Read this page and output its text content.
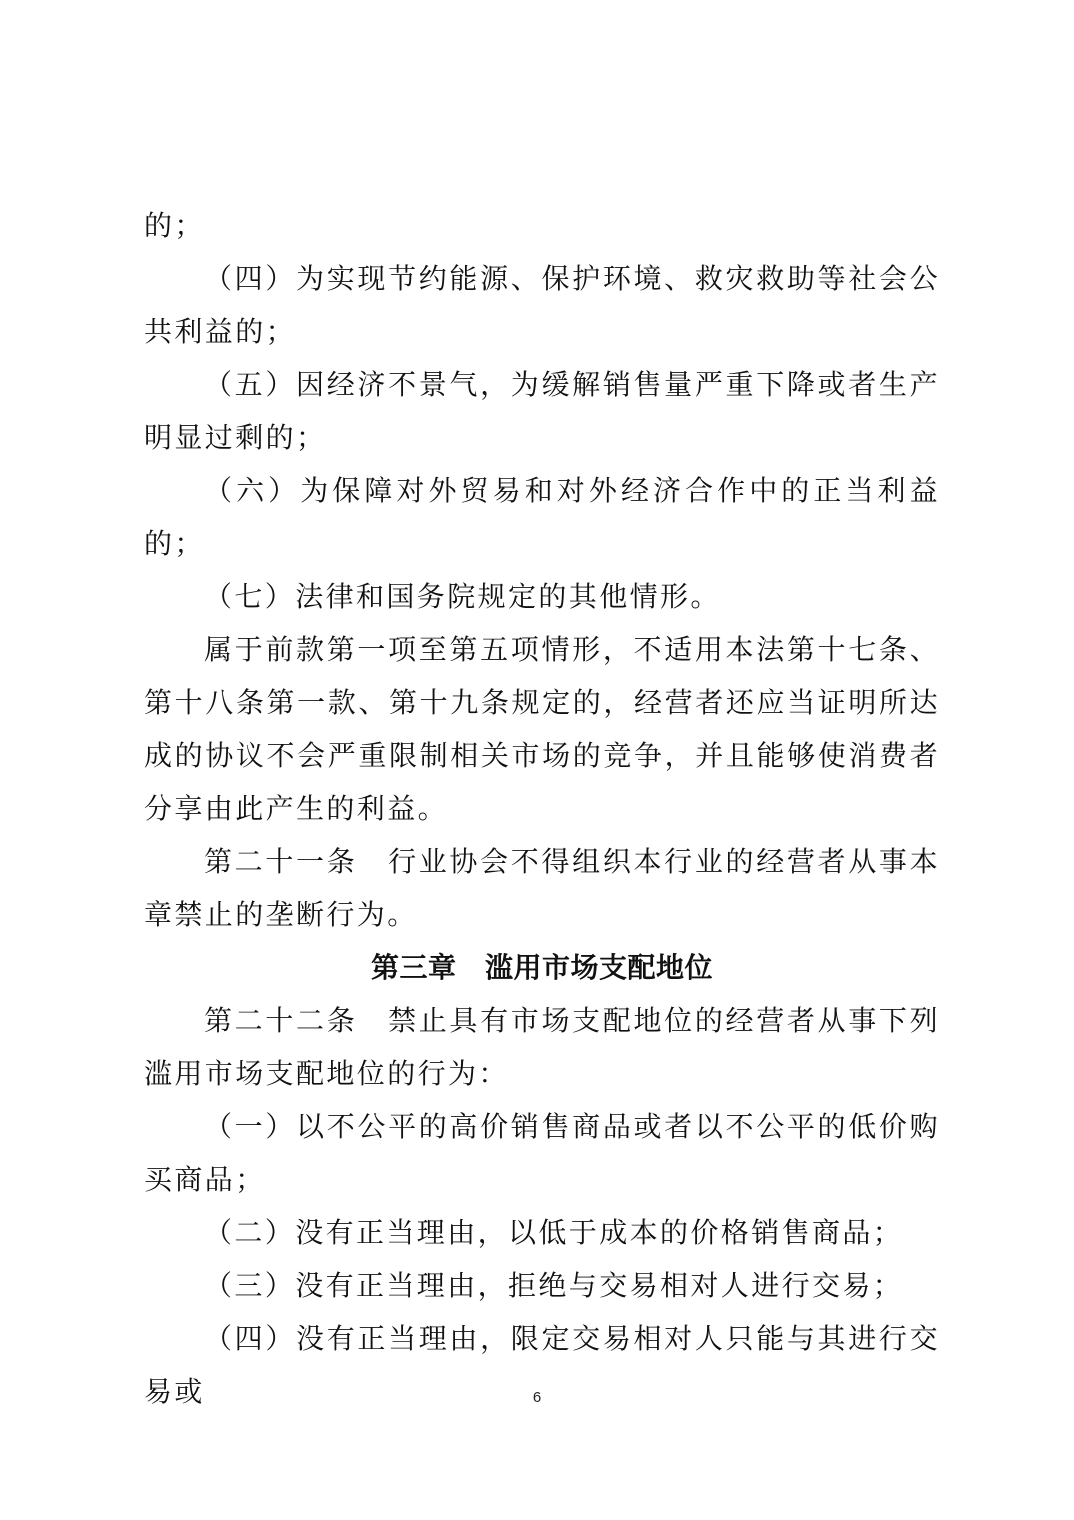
的；

（四）为实现节约能源、保护环境、救灾救助等社会公共利益的；

（五）因经济不景气，为缓解销售量严重下降或者生产明显过剩的；

（六）为保障对外贸易和对外经济合作中的正当利益的；

（七）法律和国务院规定的其他情形。

属于前款第一项至第五项情形，不适用本法第十七条、第十八条第一款、第十九条规定的，经营者还应当证明所达成的协议不会严重限制相关市场的竞争，并且能够使消费者分享由此产生的利益。

第二十一条　行业协会不得组织本行业的经营者从事本章禁止的垄断行为。

第三章　滥用市场支配地位

第二十二条　禁止具有市场支配地位的经营者从事下列滥用市场支配地位的行为：

（一）以不公平的高价销售商品或者以不公平的低价购买商品；

（二）没有正当理由，以低于成本的价格销售商品；

（三）没有正当理由，拒绝与交易相对人进行交易；

（四）没有正当理由，限定交易相对人只能与其进行交易或	6
